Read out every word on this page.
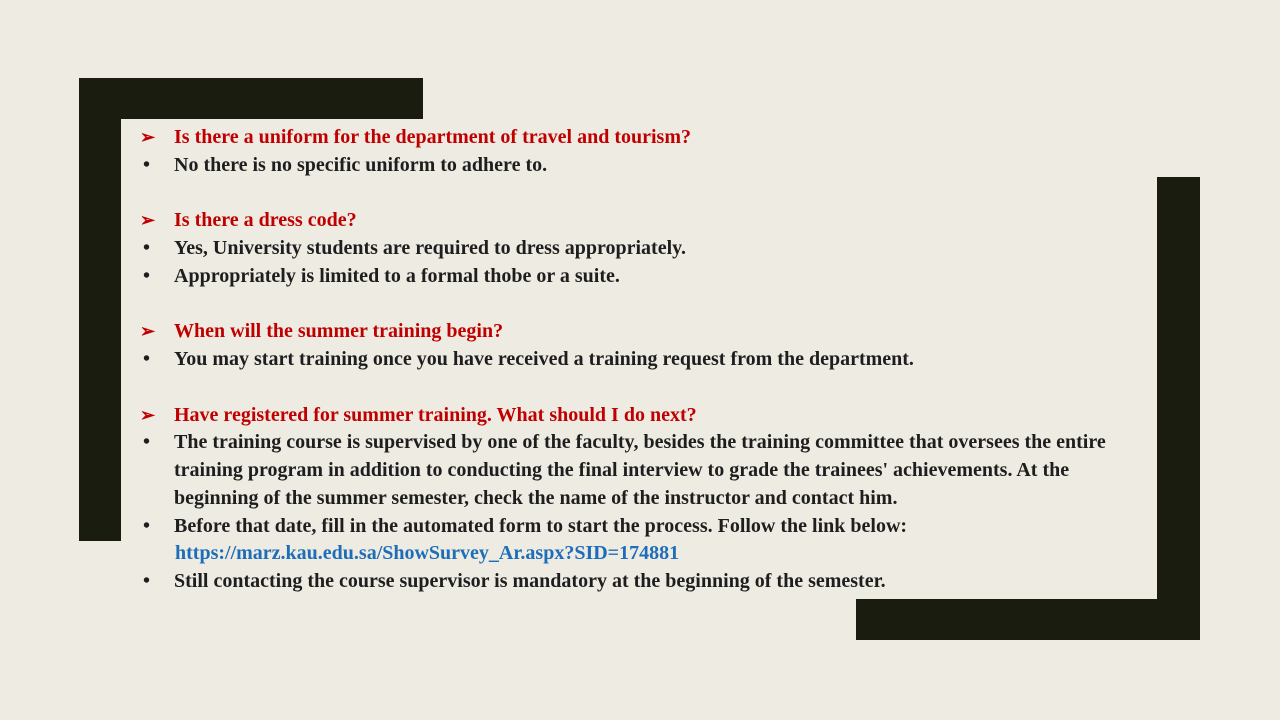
➢ Is there a uniform for the department of travel and tourism?
•	No there is no specific uniform to adhere to.
➢ Is there a dress code?
•	Yes, University students are required to dress appropriately.
•	Appropriately is limited to a formal thobe or a suite.
➢ When will the summer training begin?
•	You may start training once you have received a training request from the department.
➢ Have registered for summer training. What should I do next?
•	The training course is supervised by one of the faculty, besides the training committee that oversees the entire
training program in addition to conducting the final interview to grade the trainees' achievements. At the
beginning of the summer semester, check the name of the instructor and contact him.
•	Before that date, fill in the automated form to start the process. Follow the link below:
https://marz.kau.edu.sa/ShowSurvey_Ar.aspx?SID=174881
•	Still contacting the course supervisor is mandatory at the beginning of the semester.
